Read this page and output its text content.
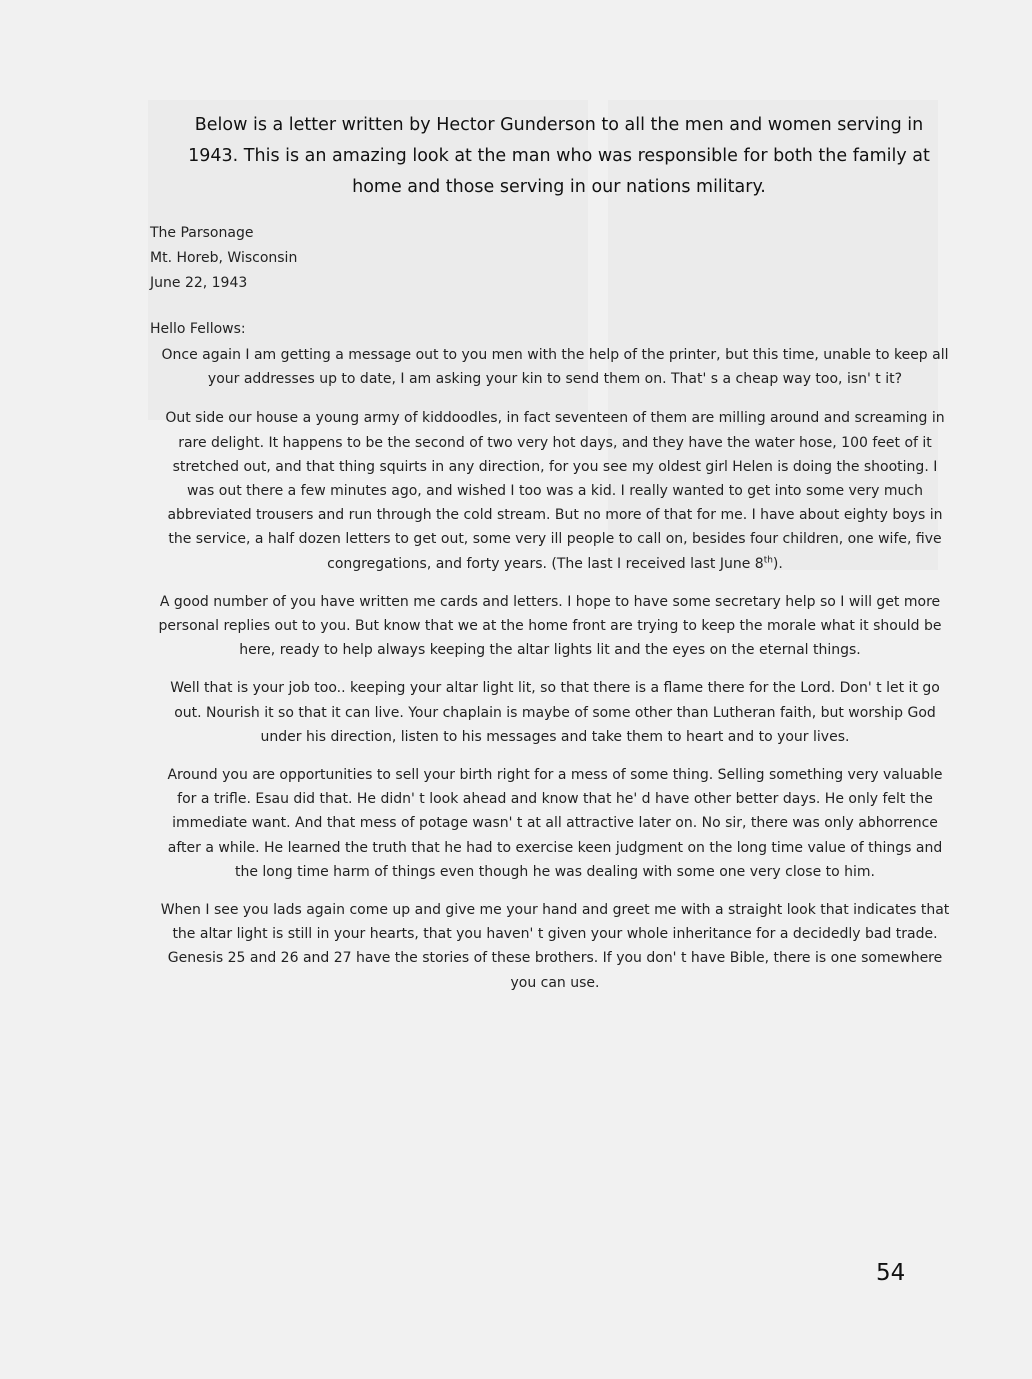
Below is a letter written by Hector Gunderson to all the men and women serving in 1943. This is an amazing look at the man who was responsible for both the family at home and those serving in our nations military.

The Parsonage

Mt. Horeb, Wisconsin

June 22, 1943

Hello Fellows:

Once again I am getting a message out to you men with the help of the printer, but this time, unable to keep all your addresses up to date, I am asking your kin to send them on. That' s a cheap way too, isn' t it?

Out side our house a young army of kiddoodles, in fact seventeen of them are milling around and screaming in rare delight. It happens to be the second of two very hot days, and they have the water hose, 100 feet of it stretched out, and that thing squirts in any direction, for you see my oldest girl Helen is doing the shooting. I was out there a few minutes ago, and wished I too was a kid. I really wanted to get into some very much abbreviated trousers and run through the cold stream. But no more of that for me. I have about eighty boys in the service, a half dozen letters to get out, some very ill people to call on, besides four children, one wife, five congregations, and forty years. (The last I received last June 8th).

A good number of you have written me cards and letters. I hope to have some secretary help so I will get more personal replies out to you. But know that we at the home front are trying to keep the morale what it should be here, ready to help always keeping the altar lights lit and the eyes on the eternal things.

Well that is your job too.. keeping your altar light lit, so that there is a flame there for the Lord. Don' t let it go out. Nourish it so that it can live. Your chaplain is maybe of some other than Lutheran faith, but worship God under his direction, listen to his messages and take them to heart and to your lives.

Around you are opportunities to sell your birth right for a mess of some thing. Selling something very valuable for a trifle. Esau did that. He didn' t look ahead and know that he' d have other better days. He only felt the immediate want. And that mess of potage wasn' t at all attractive later on. No sir, there was only abhorrence after a while. He learned the truth that he had to exercise keen judgment on the long time value of things and the long time harm of things even though he was dealing with some one very close to him.

When I see you lads again come up and give me your hand and greet me with a straight look that indicates that the altar light is still in your hearts, that you haven' t given your whole inheritance for a decidedly bad trade. Genesis 25 and 26 and 27 have the stories of these brothers. If you don' t have Bible, there is one somewhere you can use.

54
